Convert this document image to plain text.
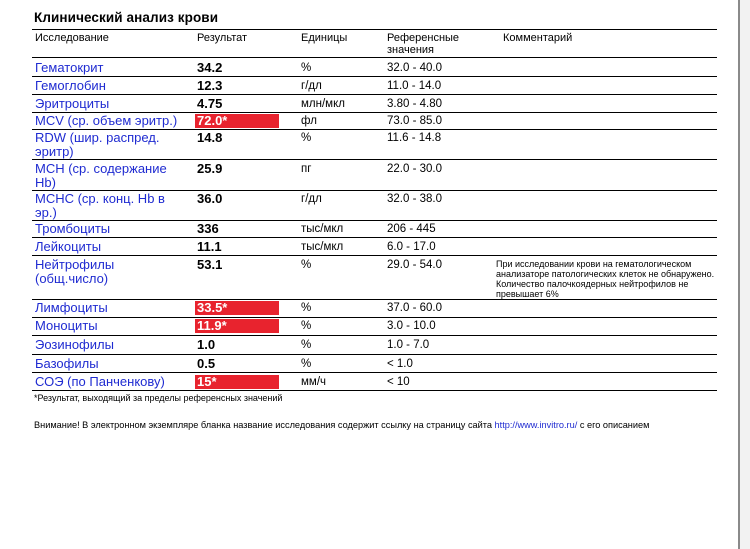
Клинический анализ крови
Исследование	Результат	Единицы	Референсные
значения
Комментарий
Гематокрит	34.2	%	32.0 - 40.0
Гемоглобин	12.3	г/дл	11.0 - 14.0
Эритроциты	4.75	млн/мкл	3.80 - 4.80
MCV (ср. объем эритр.)	72.0*	фл	73.0 - 85.0
RDW (шир. распред.
эритр)
14.8	%	11.6 - 14.8
MCH (ср. содержание
Hb)
25.9	пг	22.0 - 30.0
MCHC (ср. конц. Hb в
эр.)
36.0	г/дл	32.0 - 38.0
Тромбоциты	336	тыс/мкл	206 - 445
Лейкоциты	11.1	тыс/мкл	6.0 - 17.0
Нейтрофилы
(общ.число)
53.1	%	29.0 - 54.0	При исследовании крови на гематологическом анализаторе патологических клеток не обнаружено. Количество палочкоядерных нейтрофилов не превышает 6%
Лимфоциты	33.5*	%	37.0 - 60.0
Моноциты	11.9*	%	3.0 - 10.0
Эозинофилы	1.0	%	1.0 - 7.0
Базофилы	0.5	%	< 1.0
СОЭ (по Панченкову)	15*	мм/ч	< 10
*Результат, выходящий за пределы референсных значений
Внимание! В электронном экземпляре бланка название исследования содержит ссылку на страницу сайта http://www.invitro.ru/ с его описанием
